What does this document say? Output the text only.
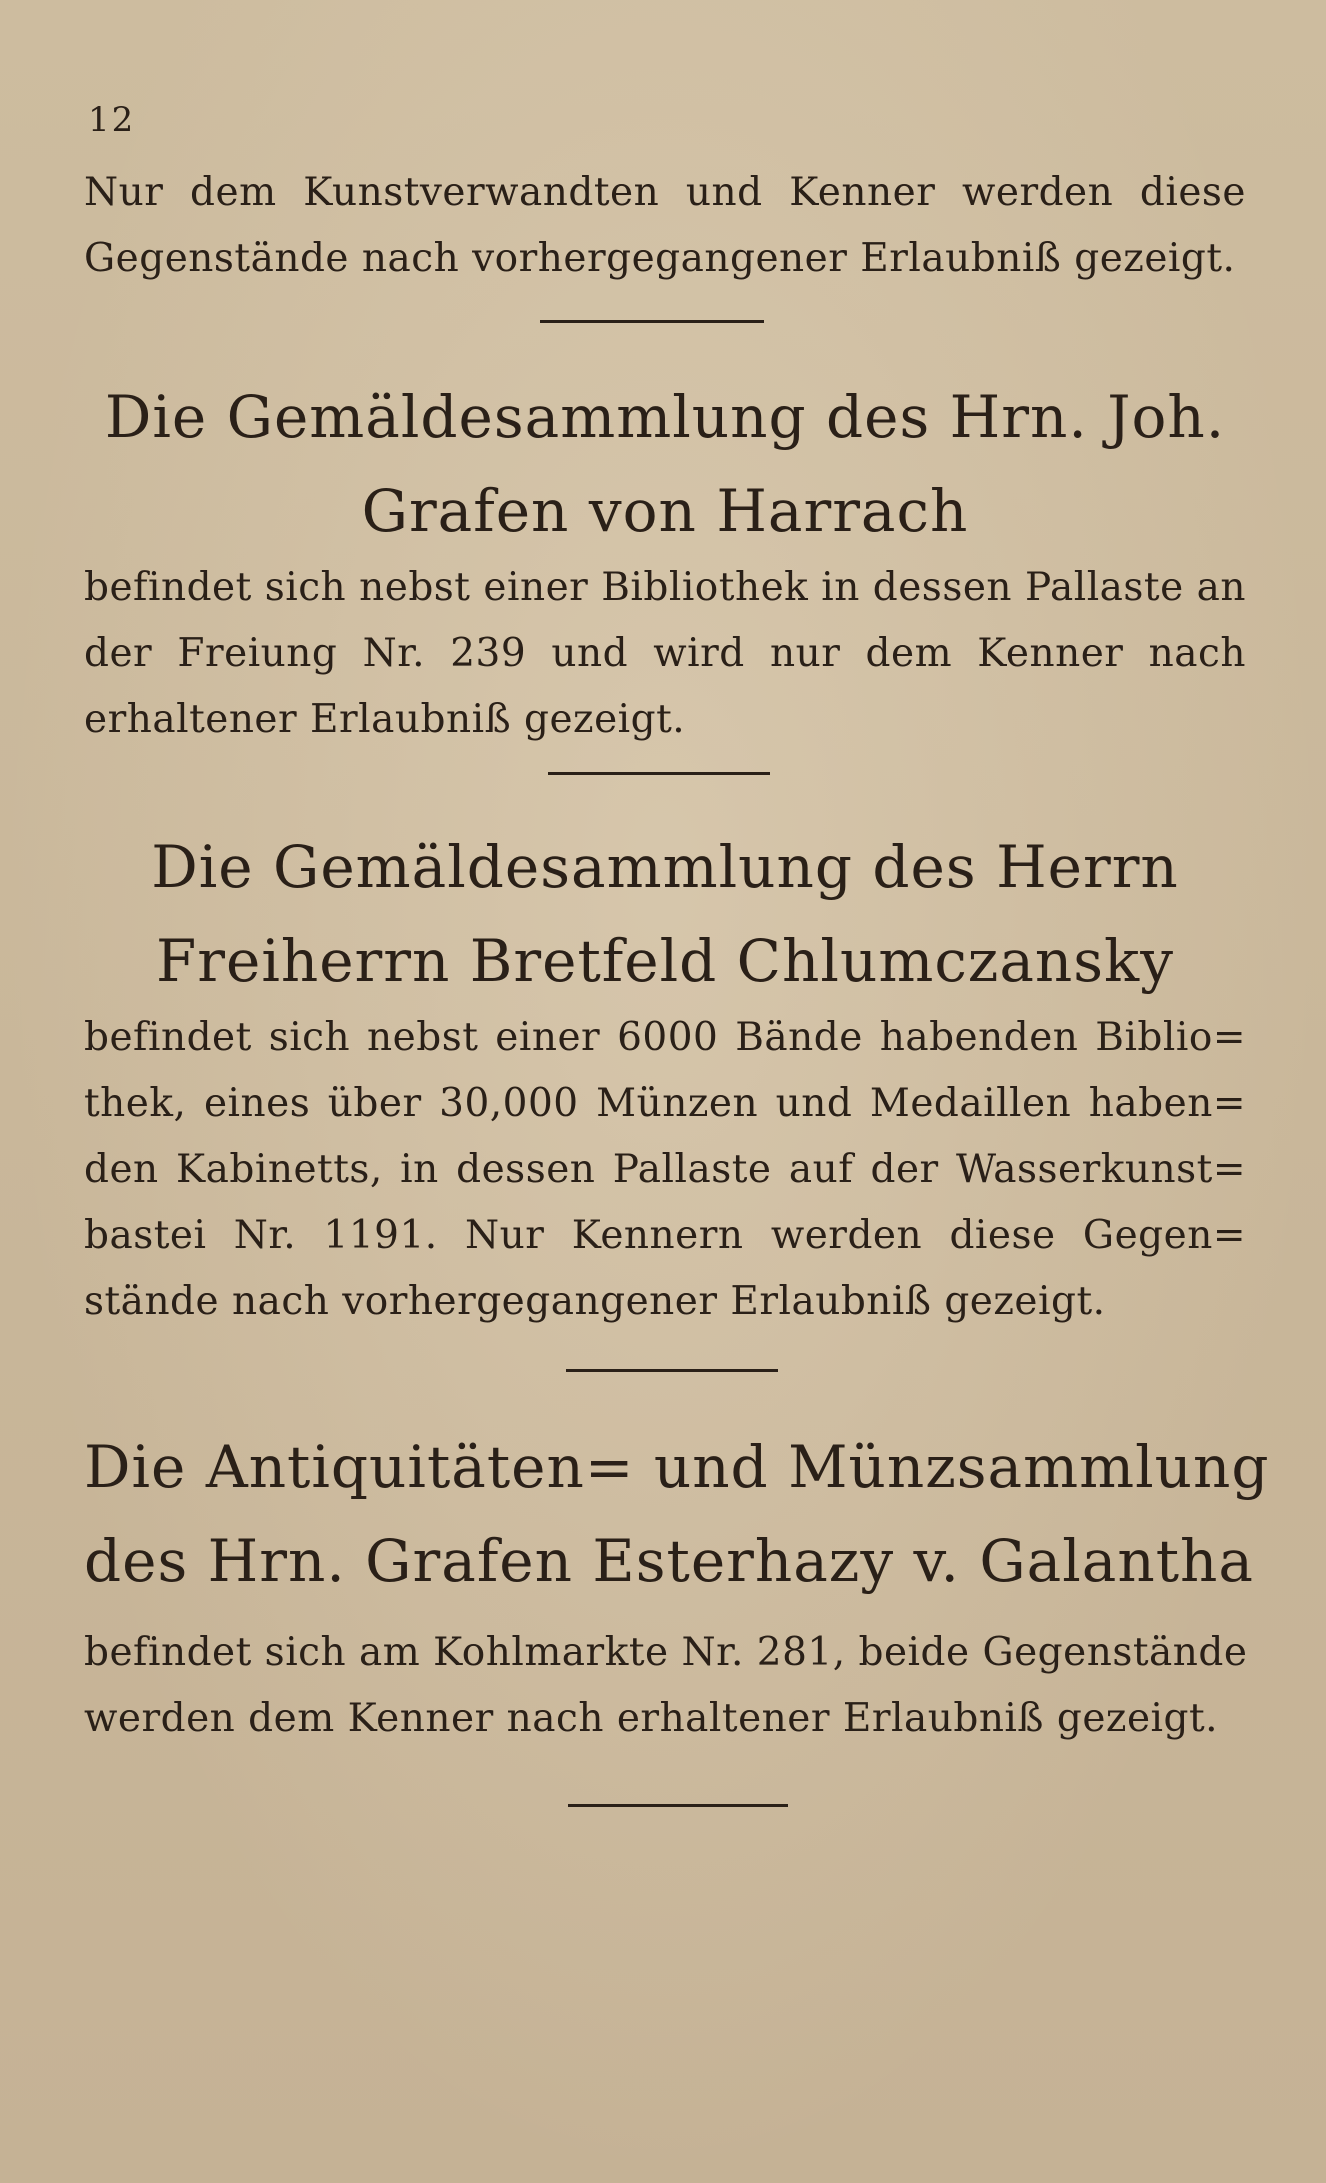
12
Nur dem Kunstverwandten und Kenner werden diese
Gegenstände nach vorhergegangener Erlaubniß gezeigt.
Die Gemäldesammlung des Hrn. Joh.
Grafen von Harrach
befindet sich nebst einer Bibliothek in dessen Pallaste an
der Freiung Nr. 239 und wird nur dem Kenner nach
erhaltener Erlaubniß gezeigt.
Die Gemäldesammlung des Herrn
Freiherrn Bretfeld Chlumczansky
befindet sich nebst einer 6000 Bände habenden Biblio=
thek, eines über 30,000 Münzen und Medaillen haben=
den Kabinetts, in dessen Pallaste auf der Wasserkunst=
bastei Nr. 1191. Nur Kennern werden diese Gegen=
stände nach vorhergegangener Erlaubniß gezeigt.
Die Antiquitäten= und Münzsammlung
des Hrn. Grafen Esterhazy v. Galantha
befindet sich am Kohlmarkte Nr. 281, beide Gegenstände
werden dem Kenner nach erhaltener Erlaubniß gezeigt.
